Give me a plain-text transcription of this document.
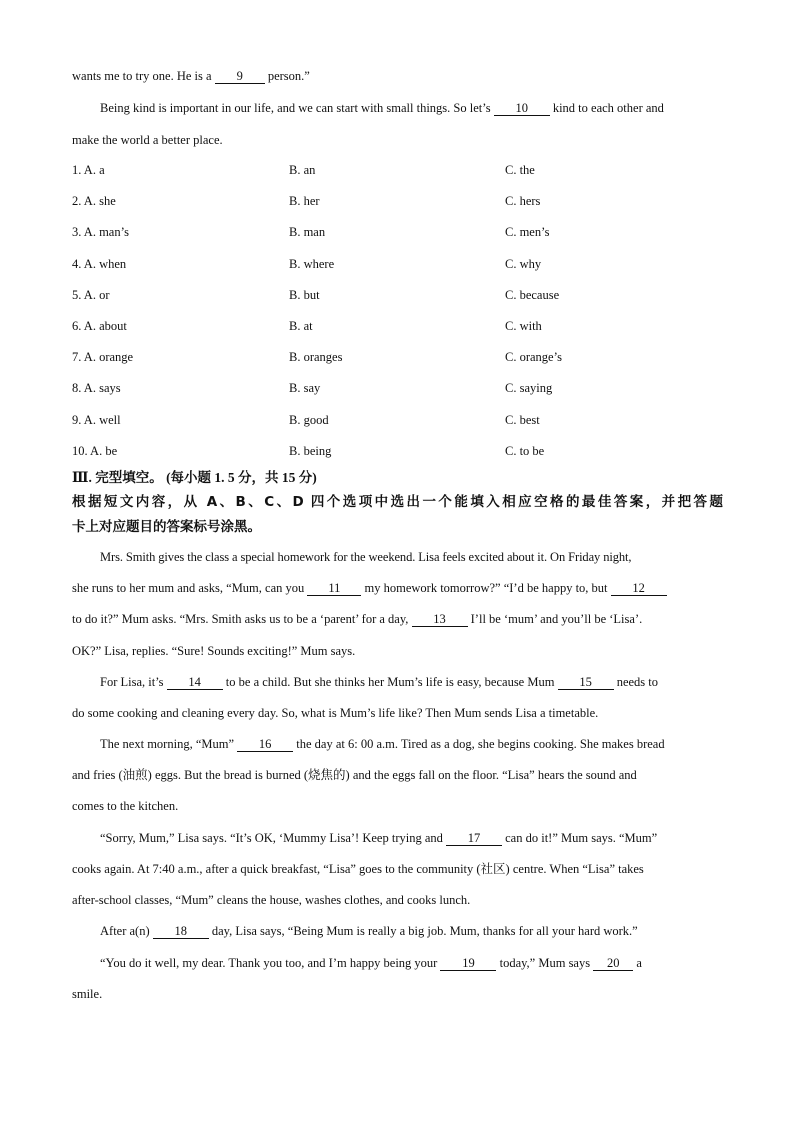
wants me to try one. He is a 9 person.”
Being kind is important in our life, and we can start with small things. So let’s 10 kind to each other and
make the world a better place.
1. A. a	B. an	C. the
2. A. she	B. her	C. hers
3. A. man’s	B. man	C. men’s
4. A. when	B. where	C. why
5. A. or	B. but	C. because
6. A. about	B. at	C. with
7. A. orange	B. oranges	C. orange’s
8. A. says	B. say	C. saying
9. A. well	B. good	C. best
10. A. be	B. being	C. to be
Ⅲ. 完型填空。 (每小题 1. 5 分，共 15 分)
根据短文内容，从 A、B、C、D 四个选项中选出一个能填入相应空格的最佳答案，并把答题
卡上对应题目的答案标号涂黑。
Mrs. Smith gives the class a special homework for the weekend. Lisa feels excited about it. On Friday night,
she runs to her mum and asks, “Mum, can you 11 my homework tomorrow?” “I’d be happy to, but 12
to do it?” Mum asks. “Mrs. Smith asks us to be a ‘parent’ for a day, 13 I’ll be ‘mum’ and you’ll be ‘Lisa’.
OK?” Lisa, replies. “Sure! Sounds exciting!” Mum says.
For Lisa, it’s 14 to be a child. But she thinks her Mum’s life is easy, because Mum 15 needs to
do some cooking and cleaning every day. So, what is Mum’s life like? Then Mum sends Lisa a timetable.
The next morning, “Mum” 16 the day at 6: 00 a.m. Tired as a dog, she begins cooking. She makes bread
and fries (油煎) eggs. But the bread is burned (烧焦的) and the eggs fall on the floor. “Lisa” hears the sound and
comes to the kitchen.
“Sorry, Mum,” Lisa says. “It’s OK, ‘Mummy Lisa’! Keep trying and 17 can do it!” Mum says. “Mum”
cooks again. At 7:40 a.m., after a quick breakfast, “Lisa” goes to the community (社区) centre. When “Lisa” takes
after-school classes, “Mum” cleans the house, washes clothes, and cooks lunch.
After a(n) 18 day, Lisa says, “Being Mum is really a big job. Mum, thanks for all your hard work.”
“You do it well, my dear. Thank you too, and I’m happy being your 19 today,” Mum says 20 a
smile.
